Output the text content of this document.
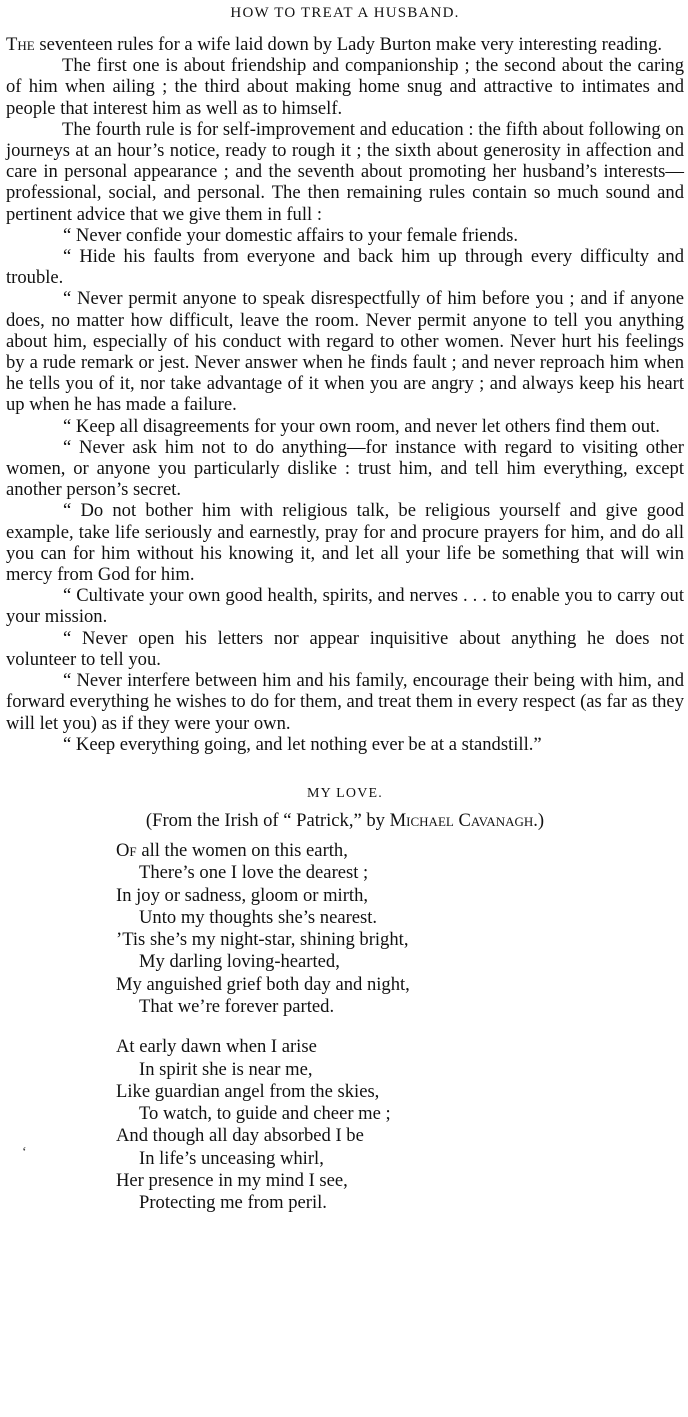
HOW TO TREAT A HUSBAND.

The seventeen rules for a wife laid down by Lady Burton make very interesting reading.

The first one is about friendship and companionship ; the second about the caring of him when ailing ; the third about making home snug and attractive to intimates and people that interest him as well as to himself.

The fourth rule is for self-improvement and education : the fifth about following on journeys at an hour’s notice, ready to rough it ; the sixth about generosity in affection and care in personal appearance ; and the seventh about promoting her husband’s interests—professional, social, and personal. The then remaining rules contain so much sound and pertinent advice that we give them in full :

“ Never confide your domestic affairs to your female friends.

“ Hide his faults from everyone and back him up through every difficulty and trouble.

“ Never permit anyone to speak disrespectfully of him before you ; and if anyone does, no matter how difficult, leave the room. Never permit anyone to tell you anything about him, especially of his conduct with regard to other women. Never hurt his feelings by a rude remark or jest. Never answer when he finds fault ; and never reproach him when he tells you of it, nor take advantage of it when you are angry ; and always keep his heart up when he has made a failure.

“ Keep all disagreements for your own room, and never let others find them out.

“ Never ask him not to do anything—for instance with regard to visiting other women, or anyone you particularly dislike : trust him, and tell him everything, except another person’s secret.

“ Do not bother him with religious talk, be religious yourself and give good example, take life seriously and earnestly, pray for and procure prayers for him, and do all you can for him without his knowing it, and let all your life be something that will win mercy from God for him.

“ Cultivate your own good health, spirits, and nerves . . . to enable you to carry out your mission.

“ Never open his letters nor appear inquisitive about anything he does not volunteer to tell you.

“ Never interfere between him and his family, encourage their being with him, and forward everything he wishes to do for them, and treat them in every respect (as far as they will let you) as if they were your own.

“ Keep everything going, and let nothing ever be at a standstill.”

MY LOVE.
(From the Irish of “ Patrick,” by Michael Cavanagh.)
ʻ
Of all the women on this earth,
There’s one I love the dearest ;
In joy or sadness, gloom or mirth,
Unto my thoughts she’s nearest.
’Tis she’s my night-star, shining bright,
My darling loving-hearted,
My anguished grief both day and night,
That we’re forever parted.
At early dawn when I arise
In spirit she is near me,
Like guardian angel from the skies,
To watch, to guide and cheer me ;
And though all day absorbed I be
In life’s unceasing whirl,
Her presence in my mind I see,
Protecting me from peril.
